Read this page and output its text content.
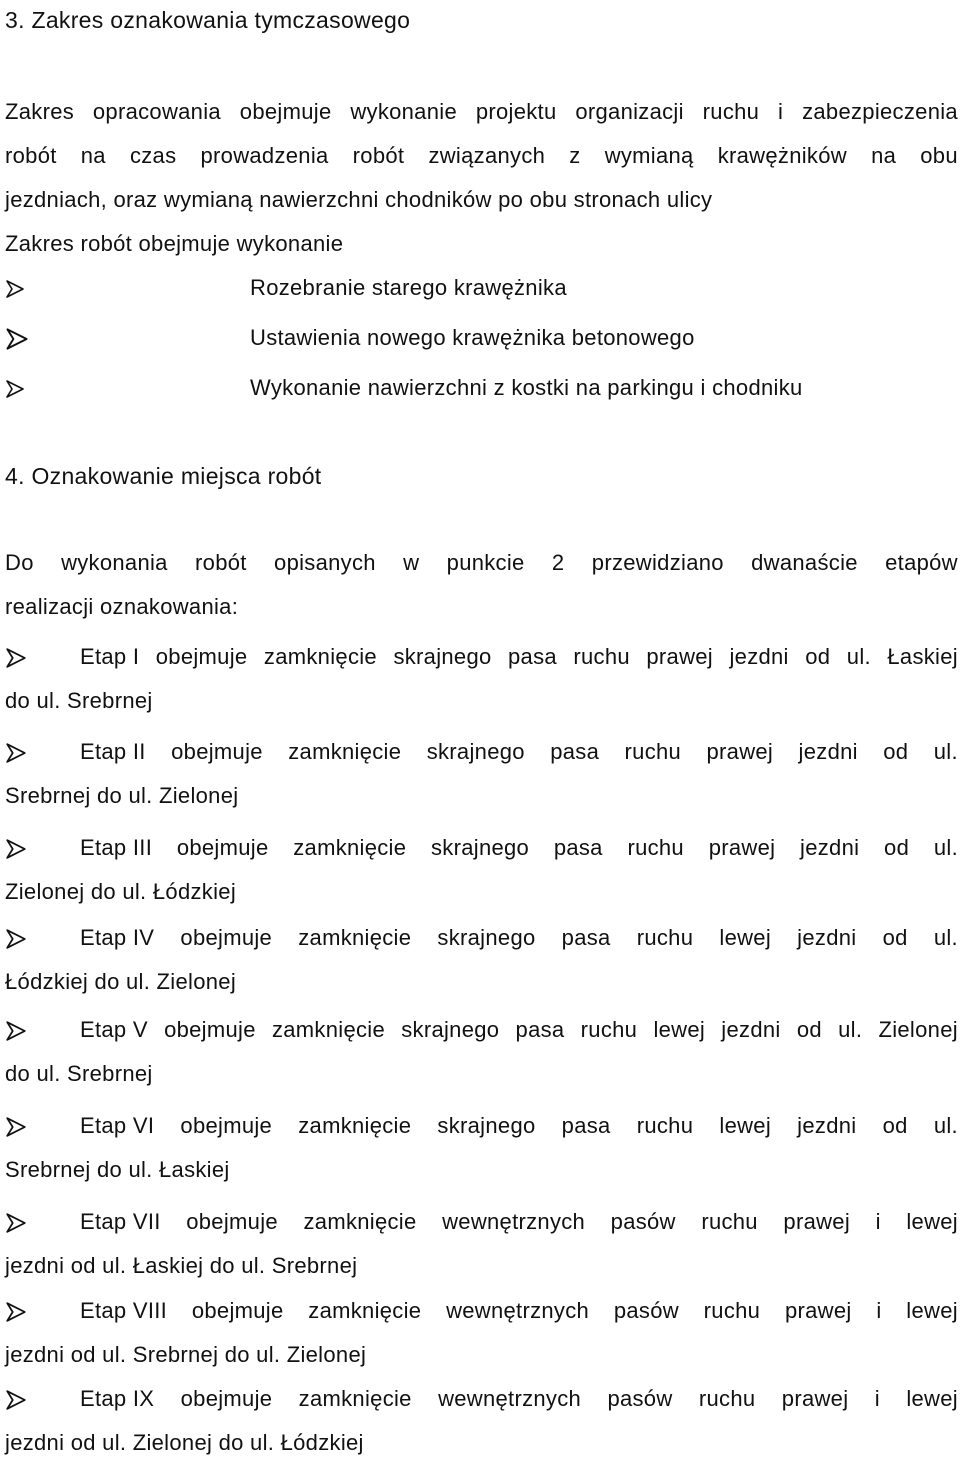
3. Zakres oznakowania tymczasowego
Zakres opracowania obejmuje wykonanie projektu organizacji ruchu i zabezpieczenia
robót na czas prowadzenia robót związanych z wymianą krawężników na obu
jezdniach, oraz wymianą nawierzchni chodników po obu stronach ulicy
Zakres robót obejmuje wykonanie
Rozebranie starego krawężnika
Ustawienia nowego krawężnika betonowego
Wykonanie nawierzchni z kostki na parkingu i chodniku
4. Oznakowanie miejsca robót
Do wykonania robót opisanych w punkcie 2 przewidziano dwanaście etapów
realizacji oznakowania:
Etap I obejmuje zamknięcie skrajnego pasa ruchu prawej jezdni od ul. Łaskiej
do ul. Srebrnej
Etap II obejmuje zamknięcie skrajnego pasa ruchu prawej jezdni od ul.
Srebrnej do ul. Zielonej
Etap III obejmuje zamknięcie skrajnego pasa ruchu prawej jezdni od ul.
Zielonej do ul. Łódzkiej
Etap IV obejmuje zamknięcie skrajnego pasa ruchu lewej jezdni od ul.
Łódzkiej do ul. Zielonej
Etap V obejmuje zamknięcie skrajnego pasa ruchu lewej jezdni od ul. Zielonej
do ul. Srebrnej
Etap VI obejmuje zamknięcie skrajnego pasa ruchu lewej jezdni od ul.
Srebrnej do ul. Łaskiej
Etap VII obejmuje zamknięcie wewnętrznych pasów ruchu prawej i lewej
jezdni od ul. Łaskiej do ul. Srebrnej
Etap VIII obejmuje zamknięcie wewnętrznych pasów ruchu prawej i lewej
jezdni od ul. Srebrnej do ul. Zielonej
Etap IX obejmuje zamknięcie wewnętrznych pasów ruchu prawej i lewej
jezdni od ul. Zielonej do ul. Łódzkiej
